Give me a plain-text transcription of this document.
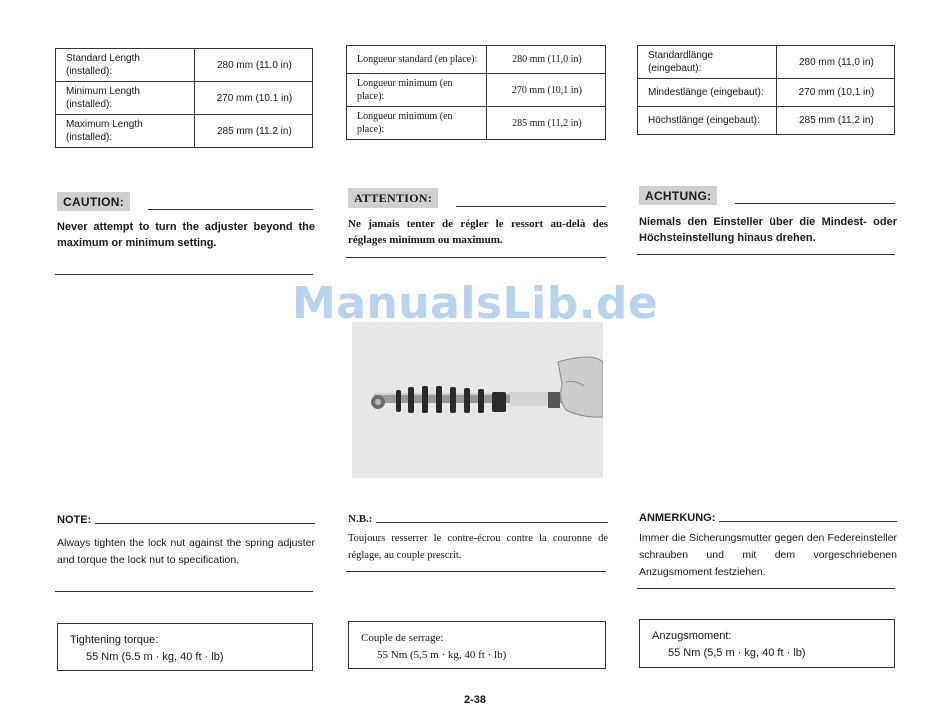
Standard Length (installed):	280 mm (11.0 in)
Minimum Length (installed):	270 mm (10.1 in)
Maximum Length (installed):	285 mm (11.2 in)
CAUTION:
Never attempt to turn the adjuster beyond the maximum or minimum setting.
NOTE:
Always tighten the lock nut against the spring adjuster and torque the lock nut to specification.
Tightening torque:
55 Nm (5.5 m · kg, 40 ft · lb)
Longueur standard (en place):	280 mm (11,0 in)
Longueur minimum (en place):	270 mm (10,1 in)
Longueur minimum (en place):	285 mm (11,2 in)
ATTENTION:
Ne jamais tenter de régler le ressort au-delà des réglages minimum ou maximum.
N.B.:
Toujours resserrer le contre-écrou contre la couronne de réglage, au couple prescrit.
Couple de serrage:
55 Nm (5,5 m · kg, 40 ft · lb)
Standardlänge (eingebaut):	280 mm (11,0 in)
Mindestlänge (eingebaut):	270 mm (10,1 in)
Höchstlänge (eingebaut):	285 mm (11,2 in)
ACHTUNG:
Niemals den Einsteller über die Mindest- oder Höchsteinstellung hinaus drehen.
ANMERKUNG:
Immer die Sicherungsmutter gegen den Federeinsteller schrauben und mit dem vorgeschriebenen Anzugsmoment festziehen.
Anzugsmoment:
55 Nm (5,5 m · kg, 40 ft · lb)
ManualsLib.de
2-38
